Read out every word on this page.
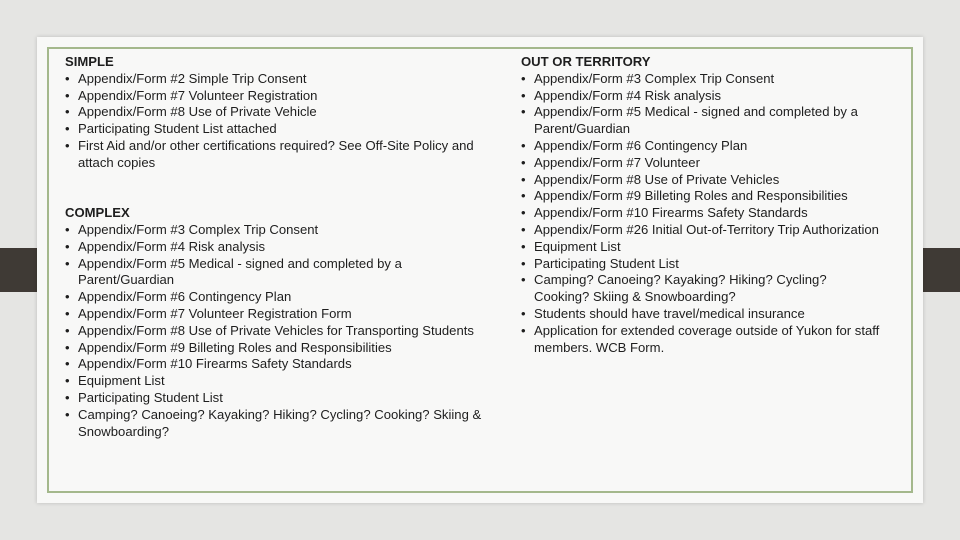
SIMPLE
• Appendix/Form #2 Simple Trip Consent
• Appendix/Form #7 Volunteer Registration
• Appendix/Form #8 Use of Private Vehicle
• Participating Student List attached
• First Aid and/or other certifications required? See Off-Site Policy and attach copies
COMPLEX
• Appendix/Form #3 Complex Trip Consent
• Appendix/Form #4 Risk analysis
• Appendix/Form #5 Medical - signed and completed by a Parent/Guardian
• Appendix/Form #6 Contingency Plan
• Appendix/Form #7 Volunteer Registration Form
• Appendix/Form #8 Use of Private Vehicles for Transporting Students
• Appendix/Form #9 Billeting Roles and Responsibilities
• Appendix/Form #10 Firearms Safety Standards
• Equipment List
• Participating Student List
• Camping? Canoeing? Kayaking? Hiking? Cycling? Cooking? Skiing & Snowboarding?
OUT OR TERRITORY
• Appendix/Form #3 Complex Trip Consent
• Appendix/Form #4 Risk analysis
• Appendix/Form #5 Medical - signed and completed by a Parent/Guardian
• Appendix/Form #6 Contingency Plan
• Appendix/Form #7 Volunteer
• Appendix/Form #8 Use of Private Vehicles
• Appendix/Form #9 Billeting Roles and Responsibilities
• Appendix/Form #10 Firearms Safety Standards
• Appendix/Form #26 Initial Out-of-Territory Trip Authorization
• Equipment List
• Participating Student List
• Camping? Canoeing? Kayaking? Hiking? Cycling? Cooking? Skiing & Snowboarding?
• Students should have travel/medical insurance
• Application for extended coverage outside of Yukon for staff members. WCB Form.
